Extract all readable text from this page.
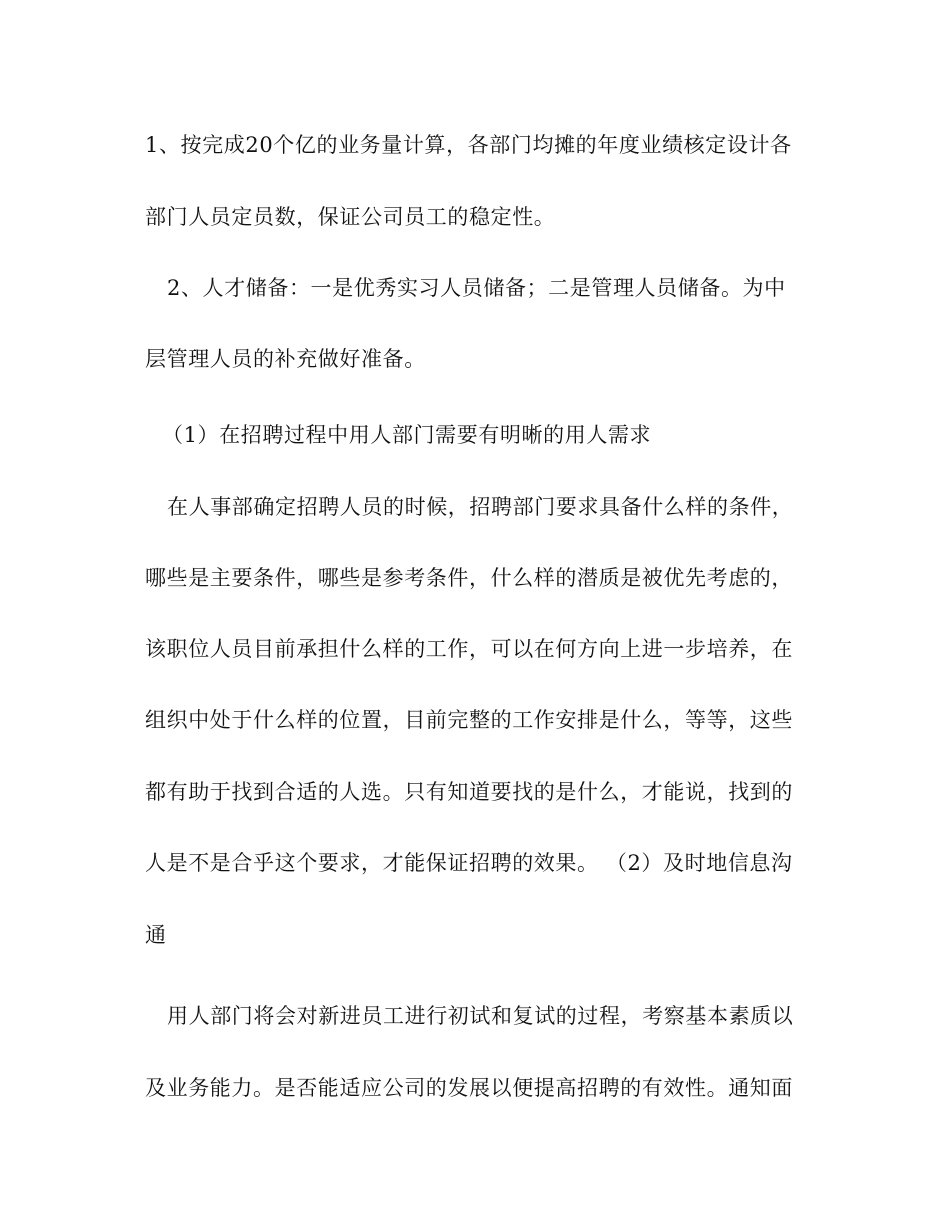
1、按完成20个亿的业务量计算，各部门均摊的年度业绩核定设计各
部门人员定员数，保证公司员工的稳定性。
2、人才储备：一是优秀实习人员储备；二是管理人员储备。为中
层管理人员的补充做好准备。
（1）在招聘过程中用人部门需要有明晰的用人需求
在人事部确定招聘人员的时候，招聘部门要求具备什么样的条件，
哪些是主要条件，哪些是参考条件，什么样的潜质是被优先考虑的，
该职位人员目前承担什么样的工作，可以在何方向上进一步培养，在
组织中处于什么样的位置，目前完整的工作安排是什么，等等，这些
都有助于找到合适的人选。只有知道要找的是什么，才能说，找到的
人是不是合乎这个要求，才能保证招聘的效果。 （2）及时地信息沟
通
用人部门将会对新进员工进行初试和复试的过程，考察基本素质以
及业务能力。是否能适应公司的发展以便提高招聘的有效性。通知面
